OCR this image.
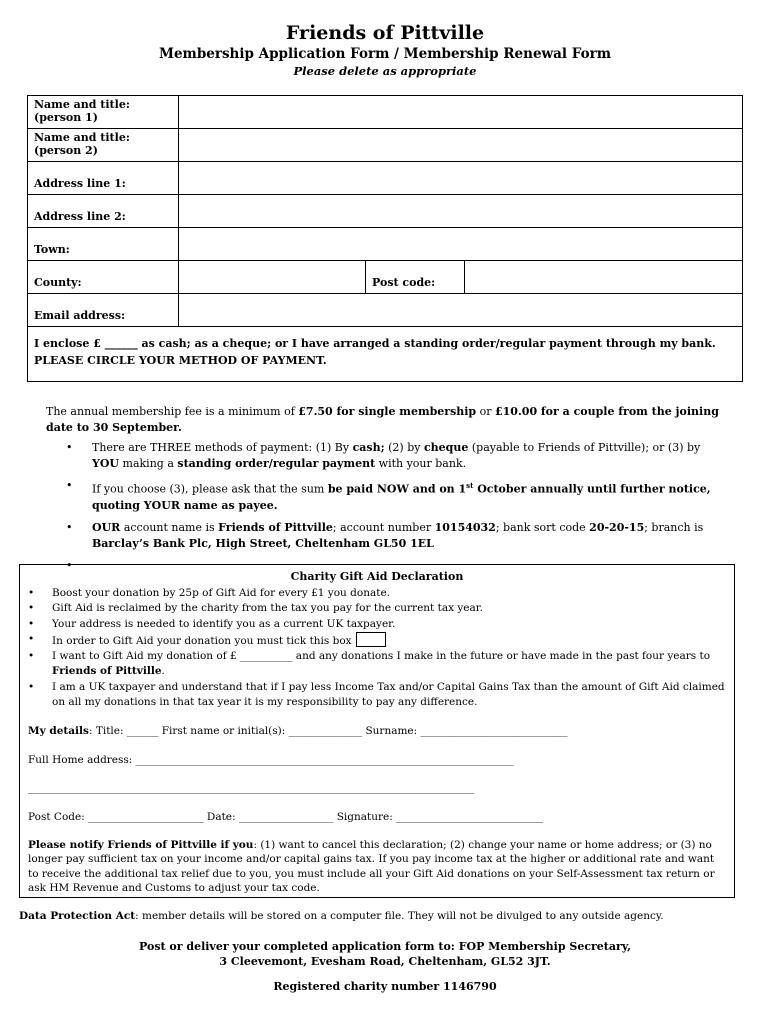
Friends of Pittville
Membership Application Form / Membership Renewal Form
Please delete as appropriate
Name and title:
(person 1)			

Name and title:
(person 2)			

Address line 1:			
Address line 2:			
Town:			
County:		Post code:	
Email address:			
I enclose £ ______ as cash; as a cheque; or I have arranged a standing order/regular payment through my bank. PLEASE CIRCLE YOUR METHOD OF PAYMENT.			
The annual membership fee is a minimum of £7.50 for single membership or £10.00 for a couple from the joining date to 30 September.
• There are THREE methods of payment: (1) By cash; (2) by cheque (payable to Friends of Pittville); or (3) by YOU making a standing order/regular payment with your bank.
• If you choose (3), please ask that the sum be paid NOW and on 1st October annually until further notice, quoting YOUR name as payee.
• OUR account name is Friends of Pittville; account number 10154032; bank sort code 20-20-15; branch is Barclay’s Bank Plc, High Street, Cheltenham GL50 1EL
•

Charity Gift Aid Declaration
• Boost your donation by 25p of Gift Aid for every £1 you donate.
• Gift Aid is reclaimed by the charity from the tax you pay for the current tax year.
• Your address is needed to identify you as a current UK taxpayer.
• In order to Gift Aid your donation you must tick this box
• I want to Gift Aid my donation of £ __________ and any donations I make in the future or have made in the past four years to Friends of Pittville.
• I am a UK taxpayer and understand that if I pay less Income Tax and/or Capital Gains Tax than the amount of Gift Aid claimed on all my donations in that tax year it is my responsibility to pay any difference.
My details: Title: ______ First name or initial(s): ______________ Surname: ____________________________
Full Home address: ________________________________________________________________________
_____________________________________________________________________________________
Post Code: ______________________ Date: __________________ Signature: ____________________________
Please notify Friends of Pittville if you: (1) want to cancel this declaration; (2) change your name or home address; or (3) no longer pay sufficient tax on your income and/or capital gains tax. If you pay income tax at the higher or additional rate and want to receive the additional tax relief due to you, you must include all your Gift Aid donations on your Self-Assessment tax return or ask HM Revenue and Customs to adjust your tax code.
Data Protection Act: member details will be stored on a computer file. They will not be divulged to any outside agency.
Post or deliver your completed application form to: FOP Membership Secretary,
3 Cleevemont, Evesham Road, Cheltenham, GL52 3JT.
Registered charity number 1146790
